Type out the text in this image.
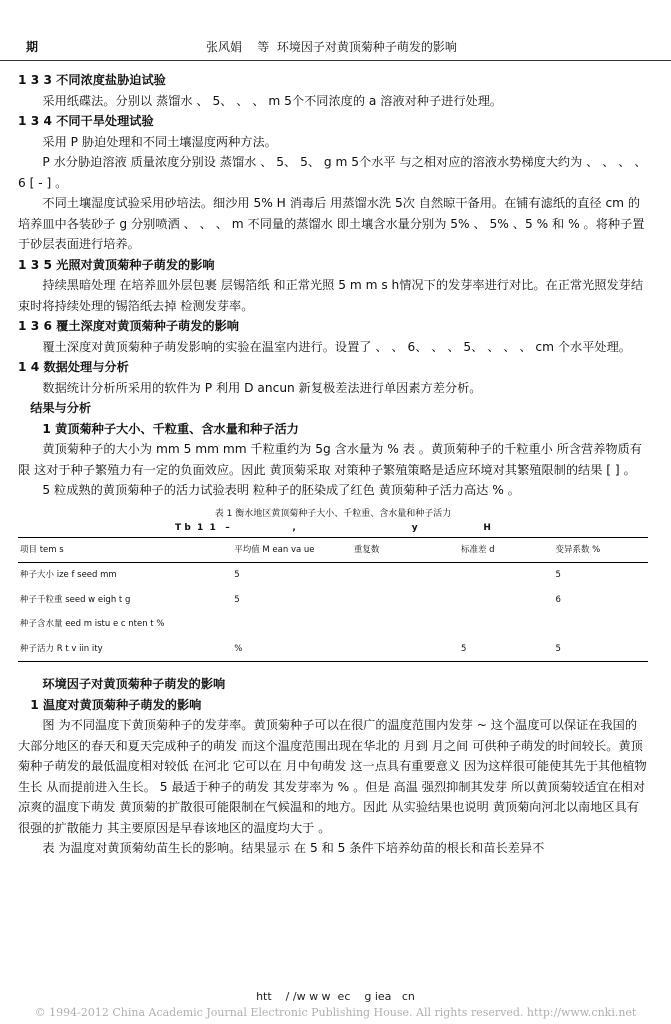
期	张风娟    等  环境因子对黄顶菊种子萌发的影响
1 3 3 不同浓度盐胁迫试验
采用纸碟法。分别以 蒸馏水 、 5、 、 、 m 5个不同浓度的 a 溶液对种子进行处理。
1 3 4 不同干旱处理试验
采用 P 胁迫处理和不同土壤湿度两种方法。
P 水分胁迫溶液 质量浓度分别设 蒸馏水 、 5、 5、 g m 5个水平 与之相对应的溶液水势梯度大约为 、 、 、 、 6 [ - ] 。
不同土壤湿度试验采用砂培法。细沙用 5% H 消毒后 用蒸馏水洗 5次 自然晾干备用。在铺有滤纸的直径 cm 的培养皿中各装砂子 g 分别喷洒 、 、 、 m 不同量的蒸馏水 即土壤含水量分别为 5% 、 5% 、5 % 和 % 。将种子置于砂层表面进行培养。
1 3 5 光照对黄顶菊种子萌发的影响
持续黑暗处理 在培养皿外层包裹 层锡箔纸 和正常光照 5 m m s h情况下的发芽率进行对比。在正常光照发芽结束时将持续处理的锡箔纸去掉 检测发芽率。
1 3 6 覆土深度对黄顶菊种子萌发的影响
覆土深度对黄顶菊种子萌发影响的实验在温室内进行。设置了 、 、 6、 、 、 5、 、 、 、 cm 个水平处理。
1 4 数据处理与分析
数据统计分析所采用的软件为 P 利用 D ancun 新复极差法进行单因素方差分析。
结果与分析
1 黄顶菊种子大小、千粒重、含水量和种子活力
黄顶菊种子的大小为 mm 5 mm mm 千粒重约为 5g 含水量为 % 表 。黄顶菊种子的千粒重小 所含营养物质有限 这对于种子繁殖力有一定的负面效应。因此 黄顶菊采取 对策种子繁殖策略是适应环境对其繁殖限制的结果 [ ] 。
5 粒成熟的黄顶菊种子的活力试验表明 粒种子的胚染成了红色 黄顶菊种子活力高达 % 。
表 1 衡水地区黄顶菊种子大小、千粒重、含水量和种子活力
T b  1  1   –                    ,                                     y                     H
项目 tem s	平均值 M ean va ue	重复数	标准差 d	变异系数 %
种子大小 ize f seed mm	5			5
种子千粒重 seed w eigh t g	5			6
种子含水量 eed m istu e c nten t %				
种子活力 R t v iin ity	%		5	5
环境因子对黄顶菊种子萌发的影响
1 温度对黄顶菊种子萌发的影响
图 为不同温度下黄顶菊种子的发芽率。黄顶菊种子可以在很广的温度范围内发芽 ~ 这个温度可以保证在我国的大部分地区的春天和夏天完成种子的萌发 而这个温度范围出现在华北的 月到 月之间 可供种子萌发的时间较长。黄顶菊种子萌发的最低温度相对较低 在河北 它可以在 月中旬萌发 这一点具有重要意义 因为这样很可能使其先于其他植物生长 从而提前进入生长。 5 最适于种子的萌发 其发芽率为 % 。但是 高温 强烈抑制其发芽 所以黄顶菊较适宜在相对凉爽的温度下萌发 黄顶菊的扩散很可能限制在气候温和的地方。因此 从实验结果也说明 黄顶菊向河北以南地区具有很强的扩散能力 其主要原因是早春该地区的温度均大于 。
表 为温度对黄顶菊幼苗生长的影响。结果显示 在 5 和 5 条件下培养幼苗的根长和苗长差异不
htt    / /w w w  ec    g iea   cn
© 1994-2012 China Academic Journal Electronic Publishing House. All rights reserved. http://www.cnki.net
